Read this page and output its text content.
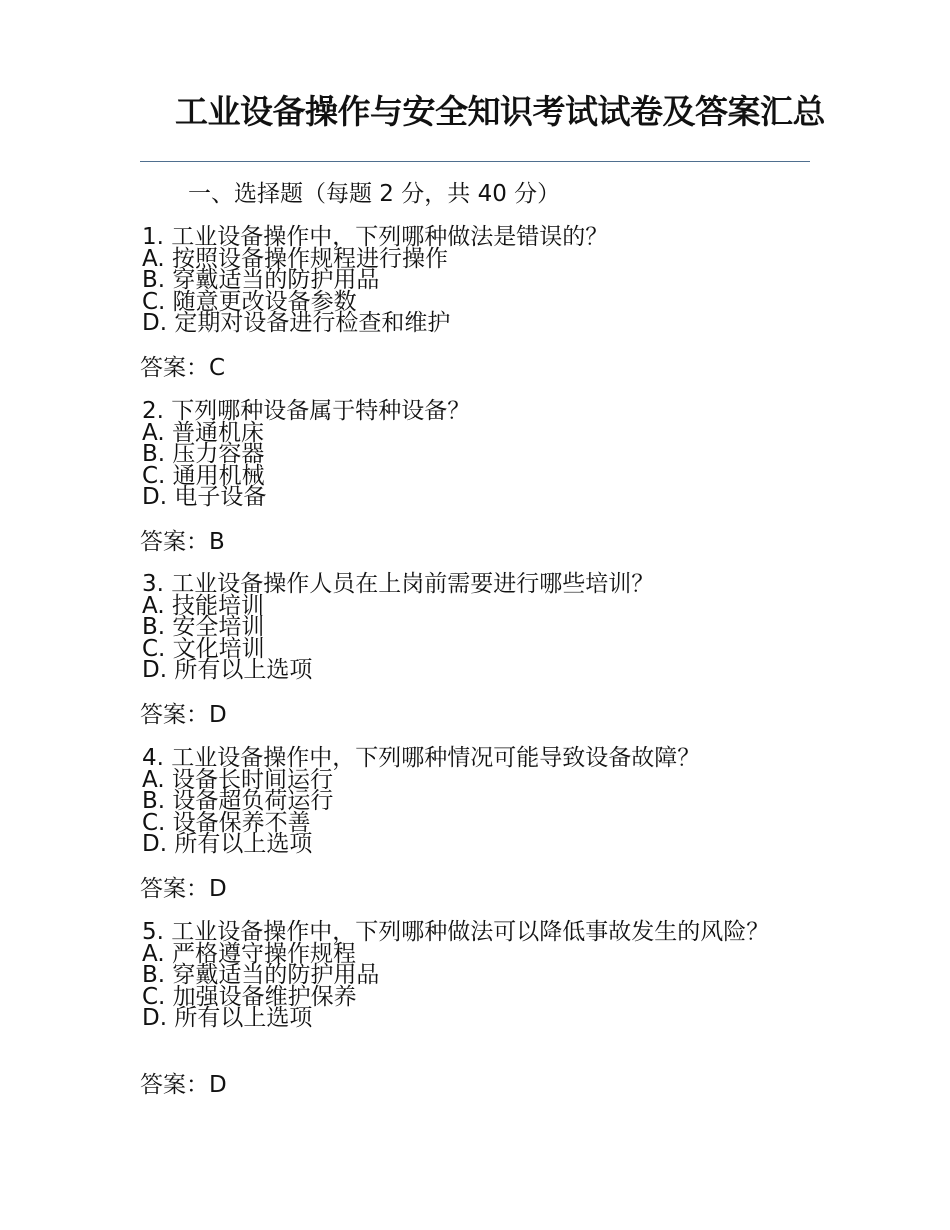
工业设备操作与安全知识考试试卷及答案汇总
一、选择题（每题 2 分，共 40 分）
1. 工业设备操作中，下列哪种做法是错误的？
A. 按照设备操作规程进行操作
B. 穿戴适当的防护用品
C. 随意更改设备参数
D. 定期对设备进行检查和维护
答案：C
2. 下列哪种设备属于特种设备？
A. 普通机床
B. 压力容器
C. 通用机械
D. 电子设备
答案：B
3. 工业设备操作人员在上岗前需要进行哪些培训？
A. 技能培训
B. 安全培训
C. 文化培训
D. 所有以上选项
答案：D
4. 工业设备操作中，下列哪种情况可能导致设备故障？
A. 设备长时间运行
B. 设备超负荷运行
C. 设备保养不善
D. 所有以上选项
答案：D
5. 工业设备操作中，下列哪种做法可以降低事故发生的风险？
A. 严格遵守操作规程
B. 穿戴适当的防护用品
C. 加强设备维护保养
D. 所有以上选项
答案：D
